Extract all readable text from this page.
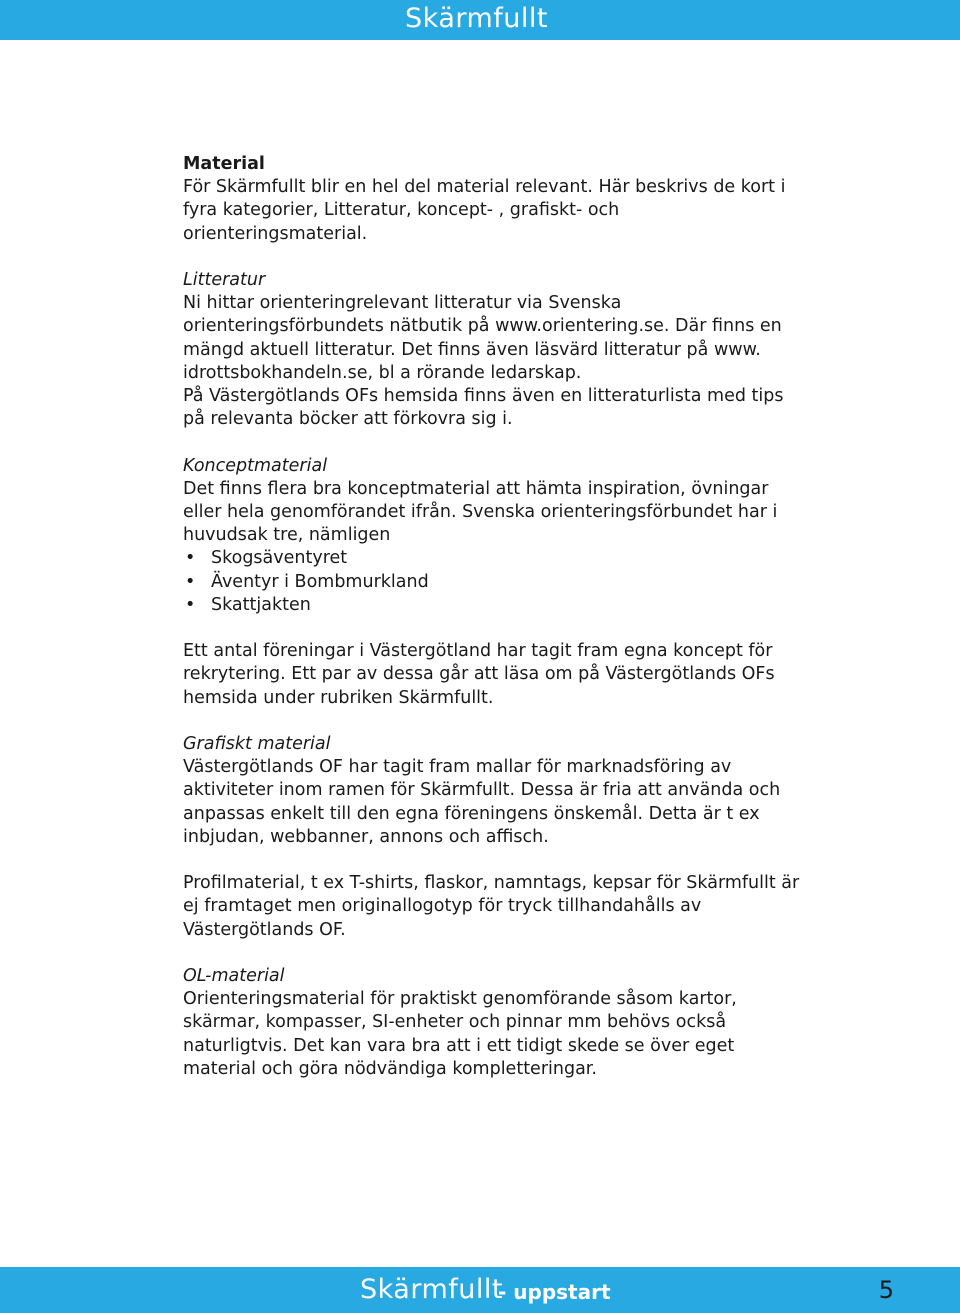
Skärmfullt

Material
För Skärmfullt blir en hel del material relevant. Här beskrivs de kort i fyra kategorier, Litteratur, koncept- , grafiskt- och orienteringsmaterial.

Litteratur
Ni hittar orienteringrelevant litteratur via Svenska orienteringsförbundets nätbutik på www.orientering.se. Där finns en mängd aktuell litteratur. Det finns även läsvärd litteratur på www. idrottsbokhandeln.se, bl a rörande ledarskap.
På Västergötlands OFs hemsida finns även en litteraturlista med tips på relevanta böcker att förkovra sig i.

Konceptmaterial
Det finns flera bra konceptmaterial att hämta inspiration, övningar eller hela genomförandet ifrån. Svenska orienteringsförbundet har i huvudsak tre, nämligen

• Skogsäventyret
• Äventyr i Bombmurkland
• Skattjakten

Ett antal föreningar i Västergötland har tagit fram egna koncept för rekrytering. Ett par av dessa går att läsa om på Västergötlands OFs hemsida under rubriken Skärmfullt.

Grafiskt material
Västergötlands OF har tagit fram mallar för marknadsföring av aktiviteter inom ramen för Skärmfullt. Dessa är fria att använda och anpassas enkelt till den egna föreningens önskemål. Detta är t ex inbjudan, webbanner, annons och affisch.

Profilmaterial, t ex T-shirts, flaskor, namntags, kepsar för Skärmfullt är ej framtaget men originallogotyp för tryck tillhandahålls av Västergötlands OF.

OL-material
Orienteringsmaterial för praktiskt genomförande såsom kartor, skärmar, kompasser, SI-enheter och pinnar mm behövs också naturligtvis. Det kan vara bra att i ett tidigt skede se över eget material och göra nödvändiga kompletteringar.

Skärmfullt
- uppstart	5
